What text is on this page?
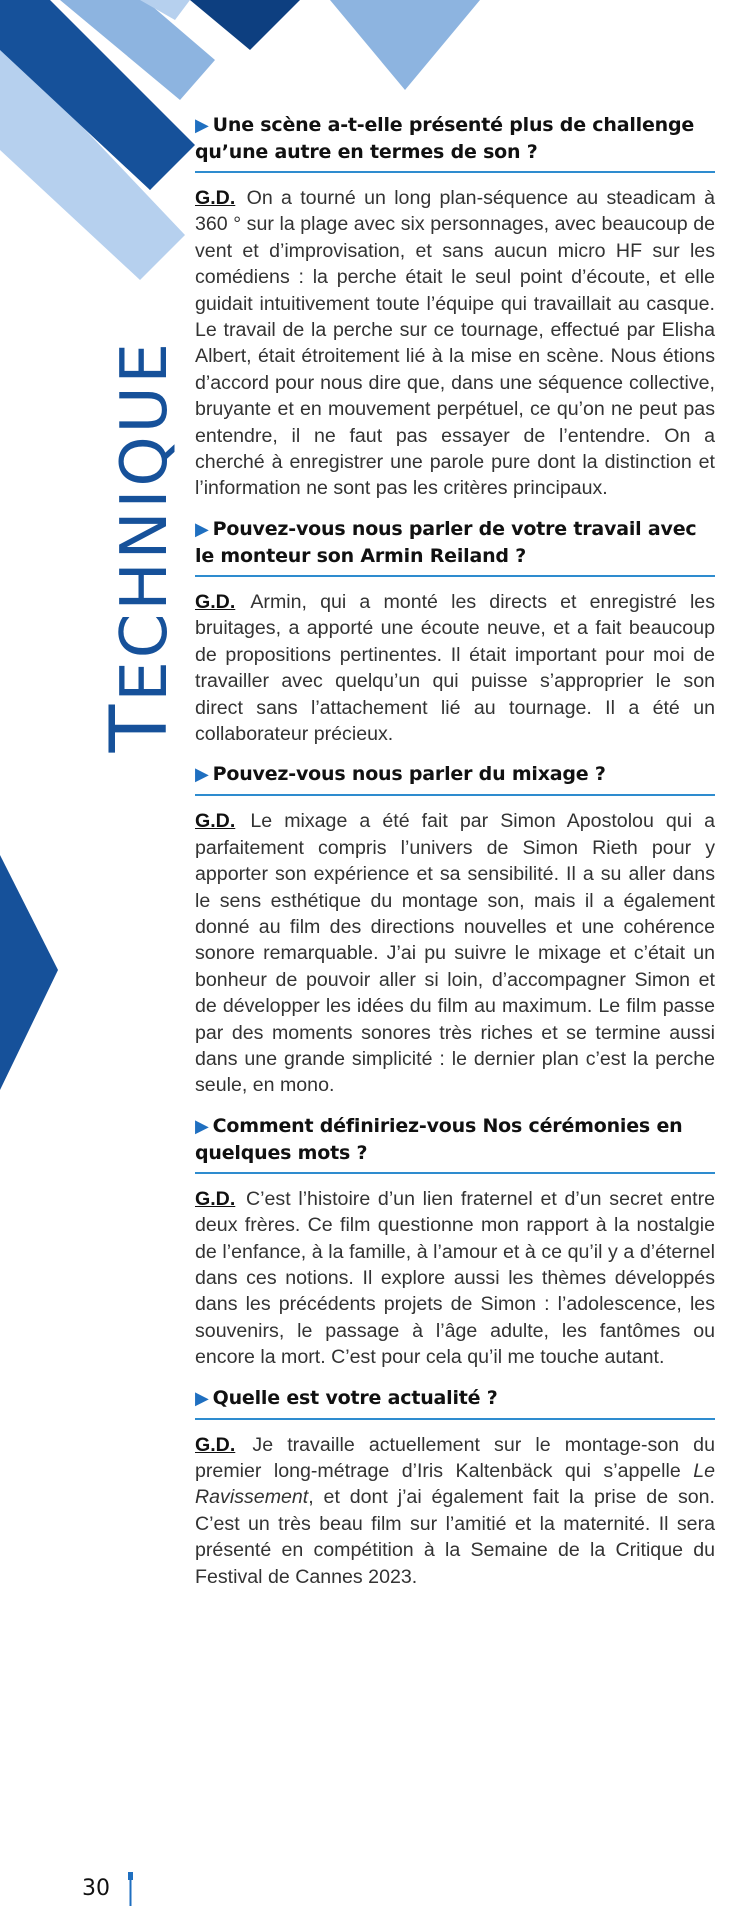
TECHNIQUE
▶ Une scène a-t-elle présenté plus de challenge qu’une autre en termes de son ?
G.D. On a tourné un long plan-séquence au steadicam à 360 ° sur la plage avec six personnages, avec beaucoup de vent et d’improvisation, et sans aucun micro HF sur les comédiens : la perche était le seul point d’écoute, et elle guidait intuitivement toute l’équipe qui travaillait au casque. Le travail de la perche sur ce tournage, effectué par Elisha Albert, était étroitement lié à la mise en scène. Nous étions d’accord pour nous dire que, dans une séquence collective, bruyante et en mouvement perpétuel, ce qu’on ne peut pas entendre, il ne faut pas essayer de l’entendre. On a cherché à enregistrer une parole pure dont la distinction et l’information ne sont pas les critères principaux.
▶ Pouvez-vous nous parler de votre travail avec le monteur son Armin Reiland ?
G.D. Armin, qui a monté les directs et enregistré les bruitages, a apporté une écoute neuve, et a fait beaucoup de propositions pertinentes. Il était important pour moi de travailler avec quelqu’un qui puisse s’approprier le son direct sans l’attachement lié au tournage. Il a été un collaborateur précieux.
▶ Pouvez-vous nous parler du mixage ?
G.D. Le mixage a été fait par Simon Apostolou qui a parfaitement compris l’univers de Simon Rieth pour y apporter son expérience et sa sensibilité. Il a su aller dans le sens esthétique du montage son, mais il a également donné au film des directions nouvelles et une cohérence sonore remarquable. J’ai pu suivre le mixage et c’était un bonheur de pouvoir aller si loin, d’accompagner Simon et de développer les idées du film au maximum. Le film passe par des moments sonores très riches et se termine aussi dans une grande simplicité : le dernier plan c’est la perche seule, en mono.
▶ Comment définiriez-vous Nos cérémonies en quelques mots ?
G.D. C’est l’histoire d’un lien fraternel et d’un secret entre deux frères. Ce film questionne mon rapport à la nostalgie de l’enfance, à la famille, à l’amour et à ce qu’il y a d’éternel dans ces notions. Il explore aussi les thèmes développés dans les précédents projets de Simon : l’adolescence, les souvenirs, le passage à l’âge adulte, les fantômes ou encore la mort. C’est pour cela qu’il me touche autant.
▶ Quelle est votre actualité ?
G.D. Je travaille actuellement sur le montage-son du premier long-métrage d’Iris Kaltenbäck qui s’appelle Le Ravissement, et dont j’ai également fait la prise de son. C’est un très beau film sur l’amitié et la maternité. Il sera présenté en compétition à la Semaine de la Critique du Festival de Cannes 2023.
30
